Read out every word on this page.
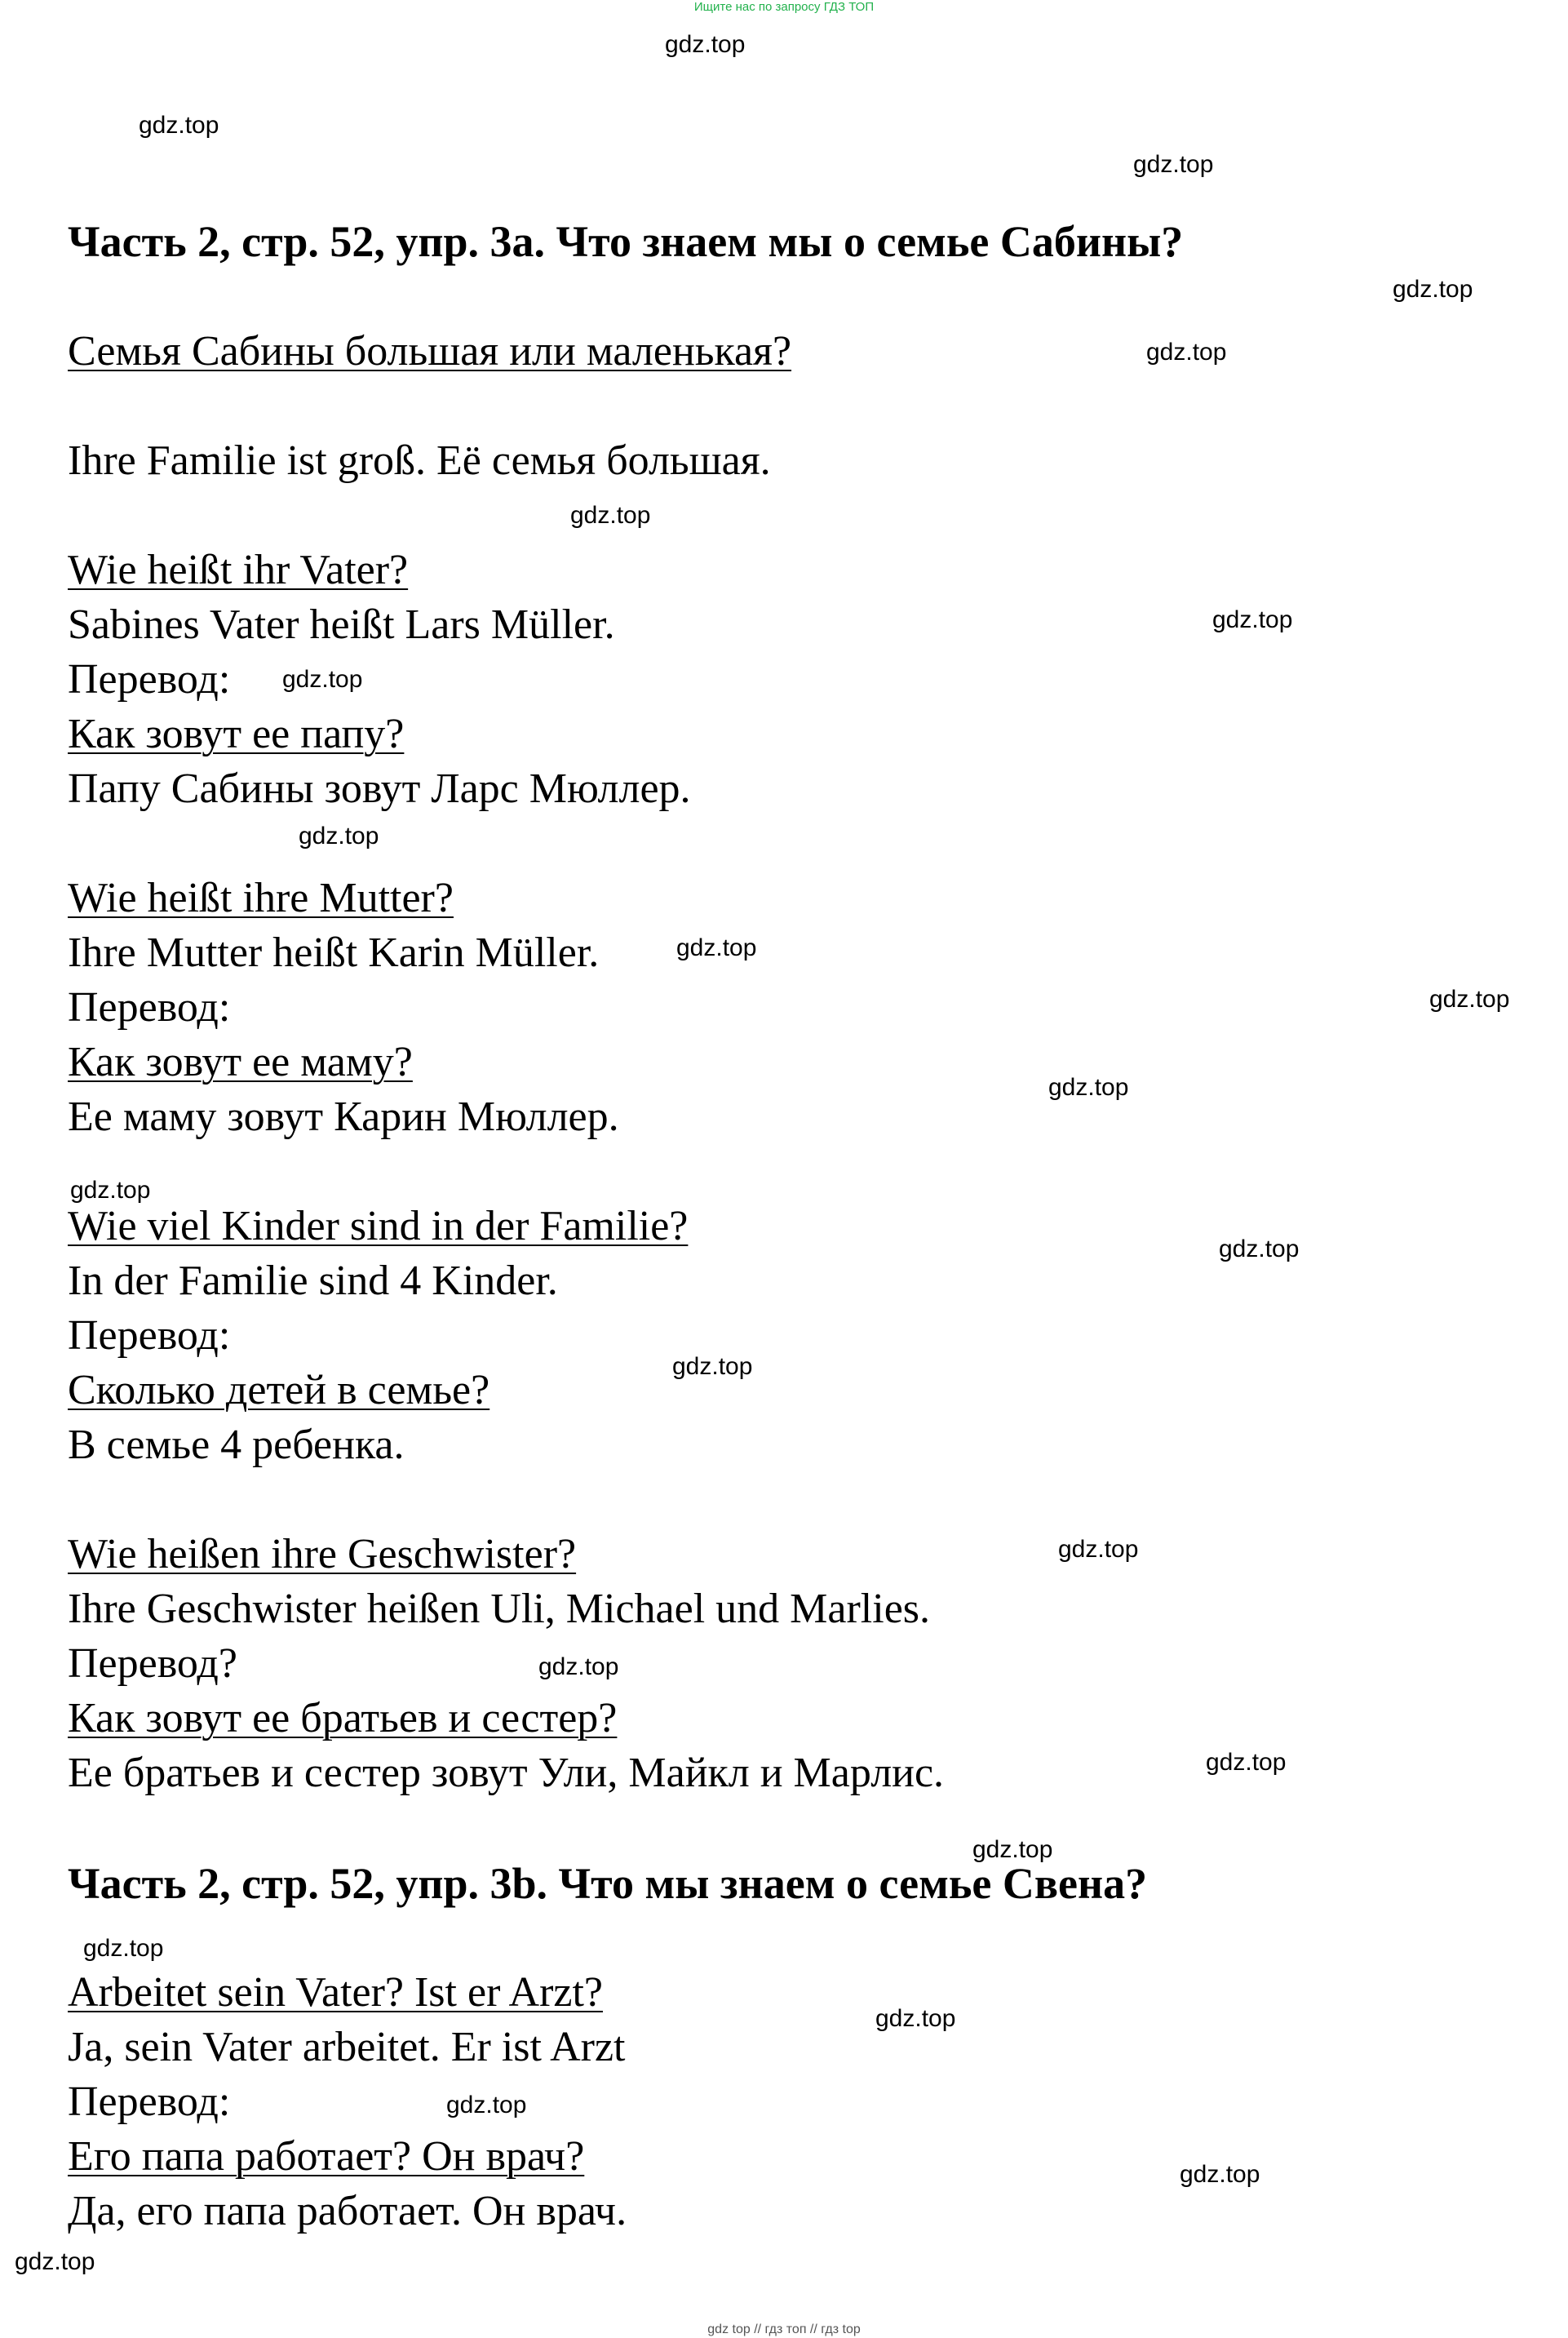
Ищите нас по запросу ГДЗ ТОП
gdz.top
gdz.top
gdz.top
gdz.top
gdz.top
gdz.top
gdz.top
gdz.top
gdz.top
gdz.top
gdz.top
gdz.top
gdz.top
gdz.top
gdz.top
gdz.top
gdz.top
gdz.top
gdz.top
gdz.top
gdz.top
gdz.top
gdz.top
gdz.top
Часть 2, стр. 52, упр. 3a. Что знаем мы о семье Сабины?
Семья Сабины большая или маленькая?
Ihre Familie ist groß. Её семья большая.
Wie heißt ihr Vater?
Sabines Vater heißt Lars Müller.
Перевод:
Как зовут ее папу?
Папу Сабины зовут Ларс Мюллер.
Wie heißt ihre Mutter?
Ihre Mutter heißt Karin Müller.
Перевод:
Как зовут ее маму?
Ее маму зовут Карин Мюллер.
Wie viel Kinder sind in der Familie?
In der Familie sind 4 Kinder.
Перевод:
Сколько детей в семье?
В семье 4 ребенка.
Wie heißen ihre Geschwister?
Ihre Geschwister heißen Uli, Michael und Marlies.
Перевод?
Как зовут ее братьев и сестер?
Ее братьев и сестер зовут Ули, Майкл и Марлис.
Часть 2, стр. 52, упр. 3b. Что мы знаем о семье Свена?
Arbeitet sein Vater? Ist er Arzt?
Ja, sein Vater arbeitet. Er ist Arzt
Перевод:
Его папа работает? Он врач?
Да, его папа работает. Он врач.
gdz top // гдз топ // гдз top
